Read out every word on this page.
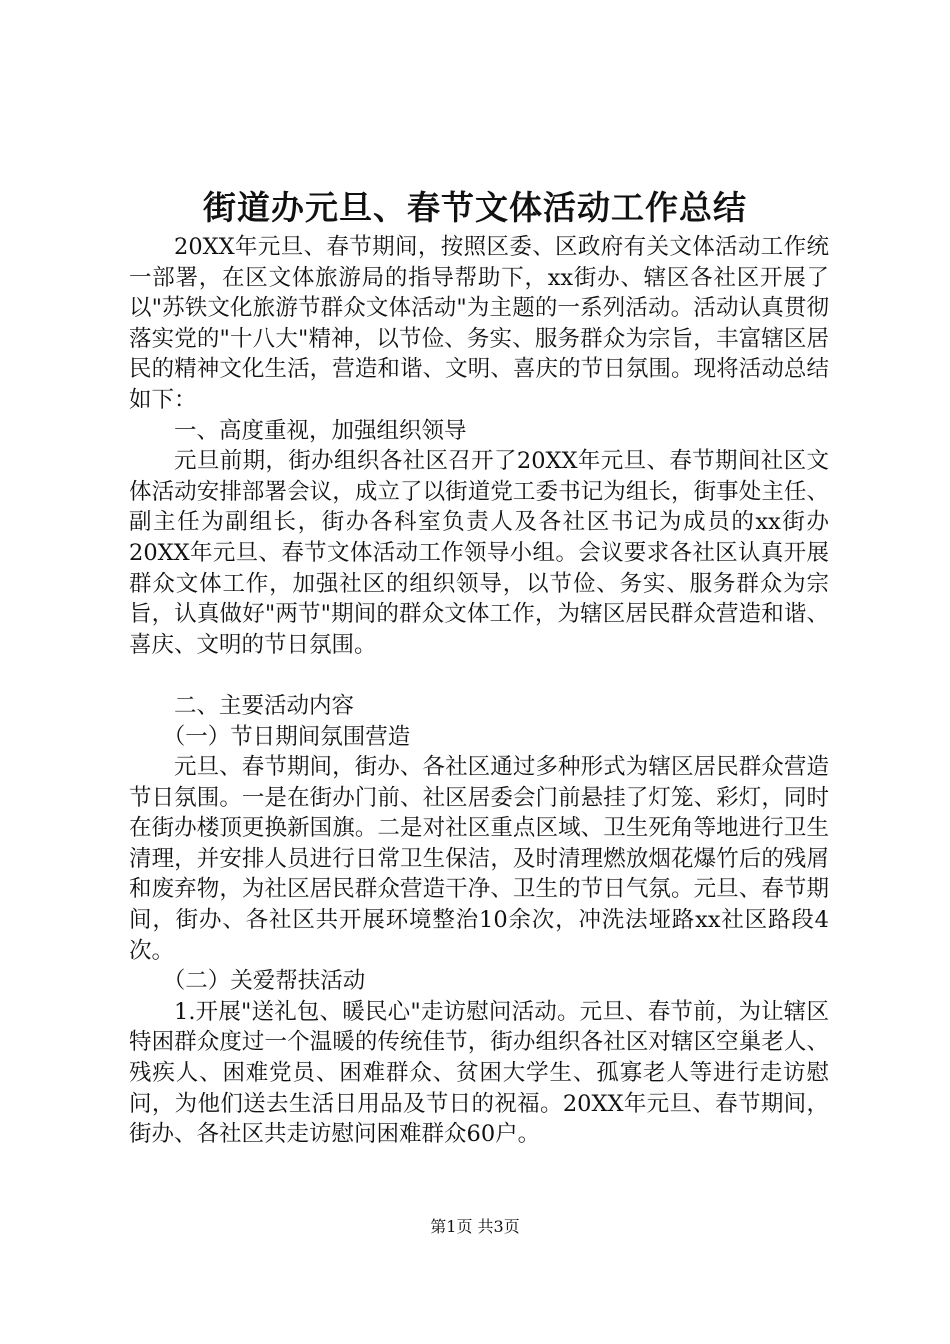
街道办元旦、春节文体活动工作总结

20XX年元旦、春节期间，按照区委、区政府有关文体活动工作统一部署，在区文体旅游局的指导帮助下，xx街办、辖区各社区开展了以"苏铁文化旅游节群众文体活动"为主题的一系列活动。活动认真贯彻落实党的"十八大"精神，以节俭、务实、服务群众为宗旨，丰富辖区居民的精神文化生活，营造和谐、文明、喜庆的节日氛围。现将活动总结如下：

一、高度重视，加强组织领导

元旦前期，街办组织各社区召开了20XX年元旦、春节期间社区文体活动安排部署会议，成立了以街道党工委书记为组长，街事处主任、副主任为副组长，街办各科室负责人及各社区书记为成员的xx街办20XX年元旦、春节文体活动工作领导小组。会议要求各社区认真开展群众文体工作，加强社区的组织领导，以节俭、务实、服务群众为宗旨，认真做好"两节"期间的群众文体工作，为辖区居民群众营造和谐、喜庆、文明的节日氛围。

二、主要活动内容

（一）节日期间氛围营造

元旦、春节期间，街办、各社区通过多种形式为辖区居民群众营造节日氛围。一是在街办门前、社区居委会门前悬挂了灯笼、彩灯，同时在街办楼顶更换新国旗。二是对社区重点区域、卫生死角等地进行卫生清理，并安排人员进行日常卫生保洁，及时清理燃放烟花爆竹后的残屑和废弃物，为社区居民群众营造干净、卫生的节日气氛。元旦、春节期间，街办、各社区共开展环境整治10余次，冲洗法垭路xx社区路段4次。

（二）关爱帮扶活动

1.开展"送礼包、暖民心"走访慰问活动。元旦、春节前，为让辖区特困群众度过一个温暖的传统佳节，街办组织各社区对辖区空巢老人、残疾人、困难党员、困难群众、贫困大学生、孤寡老人等进行走访慰问，为他们送去生活日用品及节日的祝福。20XX年元旦、春节期间，街办、各社区共走访慰问困难群众60户。

第1页 共3页
